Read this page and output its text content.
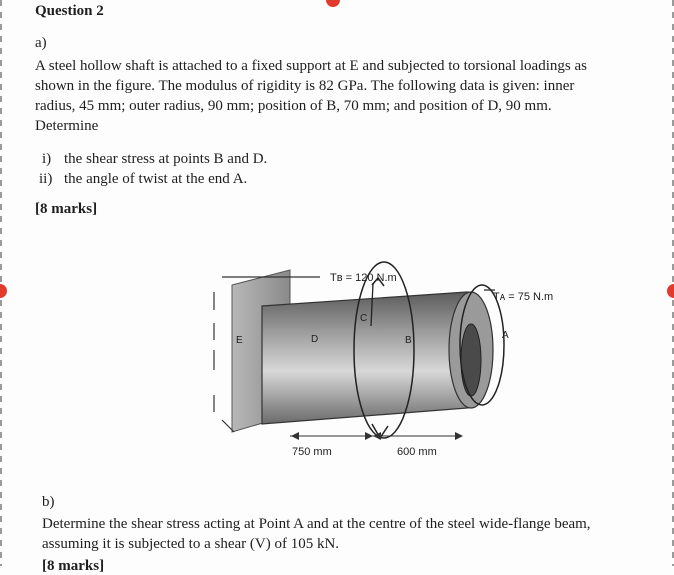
Question 2
a)
A steel hollow shaft is attached to a fixed support at E and subjected to torsional loadings as
shown in the figure. The modulus of rigidity is 82 GPa. The following data is given: inner
radius, 45 mm; outer radius, 90 mm; position of B, 70 mm; and position of D, 90 mm.
Determine
i) the shear stress at points B and D.
ii) the angle of twist at the end A.
[8 marks]
Tʙ = 120 N.m
Tᴀ = 75 N.m
E	D
C
B	A
750 mm	600 mm
b)
Determine the shear stress acting at Point A and at the centre of the steel wide-flange beam,
assuming it is subjected to a shear (V) of 105 kN.
[8 marks]
